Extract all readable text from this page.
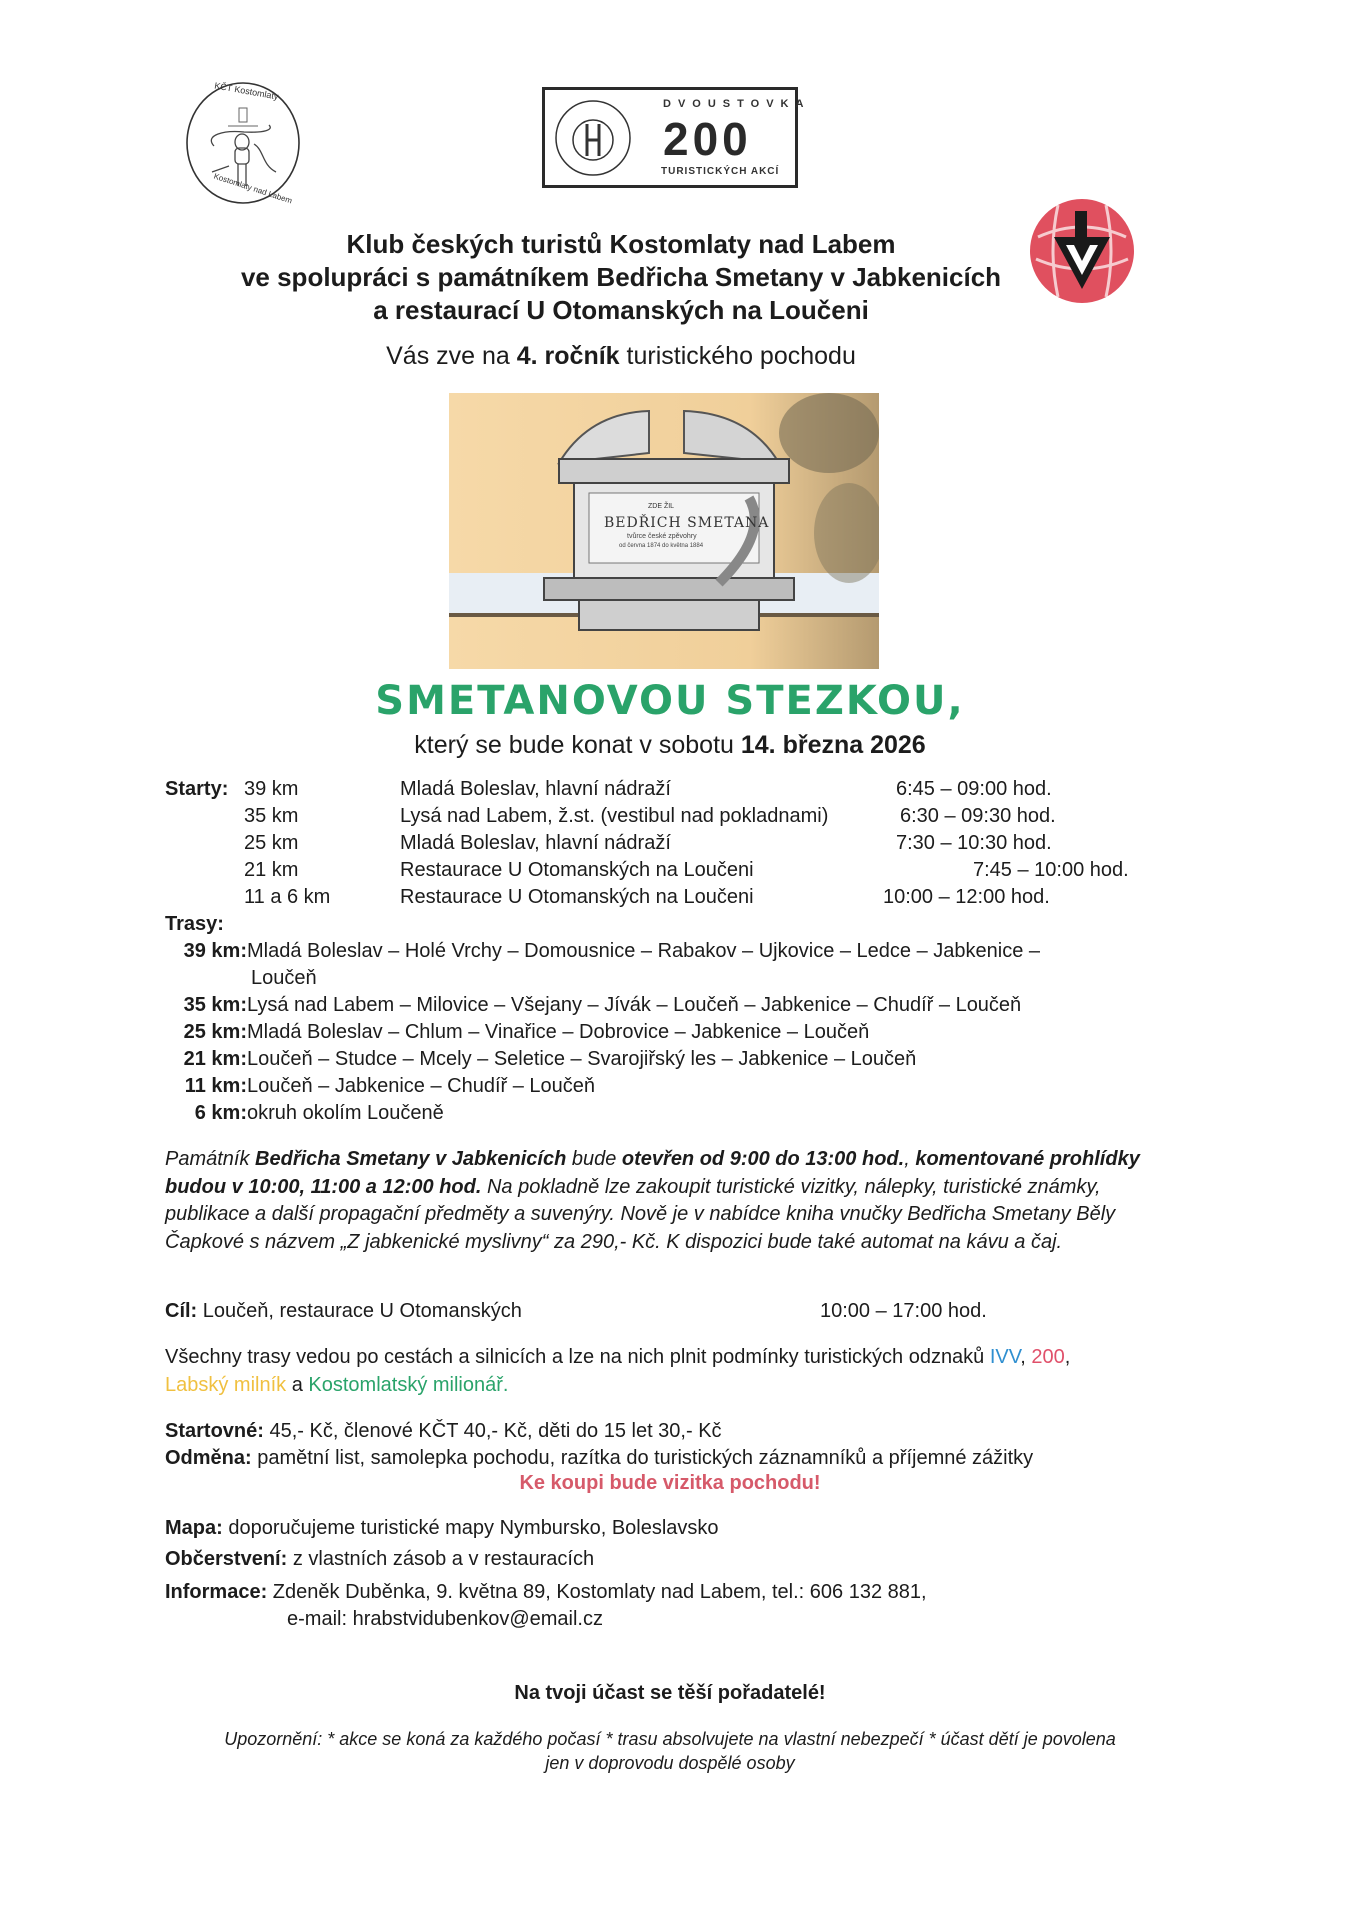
KČT Kostomlaty
Kostomlaty nad Labem
DVOUSTOVKA
200
TURISTICKÝCH AKCÍ
Klub českých turistů Kostomlaty nad Labem
ve spolupráci s památníkem Bedřicha Smetany v Jabkenicích
a restaurací U Otomanských na Loučeni
Vás zve na 4. ročník turistického pochodu
ZDE ŽIL
BEDŘICH SMETANA
tvůrce české zpěvohry
od června 1874 do května 1884
SMETANOVOU STEZKOU,
který se bude konat v sobotu 14. března 2026
Starty: 39 km	Mladá Boleslav, hlavní nádraží	6:45 – 09:00 hod.
35 km	Lysá nad Labem, ž.st. (vestibul nad pokladnami)	6:30 – 09:30 hod.
25 km	Mladá Boleslav, hlavní nádraží	7:30 – 10:30 hod.
21 km	Restaurace U Otomanských na Loučeni	7:45 – 10:00 hod.
11 a 6 km	Restaurace U Otomanských na Loučeni	10:00 – 12:00 hod.
Trasy:
39 km: Mladá Boleslav – Holé Vrchy – Domousnice – Rabakov – Ujkovice – Ledce – Jabkenice –
Loučeň
35 km: Lysá nad Labem – Milovice – Všejany – Jívák – Loučeň – Jabkenice – Chudíř – Loučeň
25 km: Mladá Boleslav – Chlum – Vinařice – Dobrovice – Jabkenice – Loučeň
21 km: Loučeň – Studce – Mcely – Seletice – Svarojiřský les – Jabkenice – Loučeň
11 km: Loučeň – Jabkenice – Chudíř – Loučeň
6 km: okruh okolím Loučeně
Památník Bedřicha Smetany v Jabkenicích bude otevřen od 9:00 do 13:00 hod., komentované prohlídky budou v 10:00, 11:00 a 12:00 hod. Na pokladně lze zakoupit turistické vizitky, nálepky, turistické známky, publikace a další propagační předměty a suvenýry. Nově je v nabídce kniha vnučky Bedřicha Smetany Běly Čapkové s názvem „Z jabkenické myslivny“ za 290,- Kč. K dispozici bude také automat na kávu a čaj.
Cíl: Loučeň, restaurace U Otomanských	10:00 – 17:00 hod.
Všechny trasy vedou po cestách a silnicích a lze na nich plnit podmínky turistických odznaků IVV, 200,
Labský milník a Kostomlatský milionář.
Startovné: 45,- Kč, členové KČT 40,- Kč, děti do 15 let 30,- Kč
Odměna: pamětní list, samolepka pochodu, razítka do turistických záznamníků a příjemné zážitky
Ke koupi bude vizitka pochodu!
Mapa: doporučujeme turistické mapy Nymbursko, Boleslavsko
Občerstvení: z vlastních zásob a v restauracích
Informace: Zdeněk Duběnka, 9. května 89, Kostomlaty nad Labem, tel.: 606 132 881,
e-mail: hrabstvidubenkov@email.cz
Na tvoji účast se těší pořadatelé!
Upozornění: * akce se koná za každého počasí * trasu absolvujete na vlastní nebezpečí * účast dětí je povolena
jen v doprovodu dospělé osoby
